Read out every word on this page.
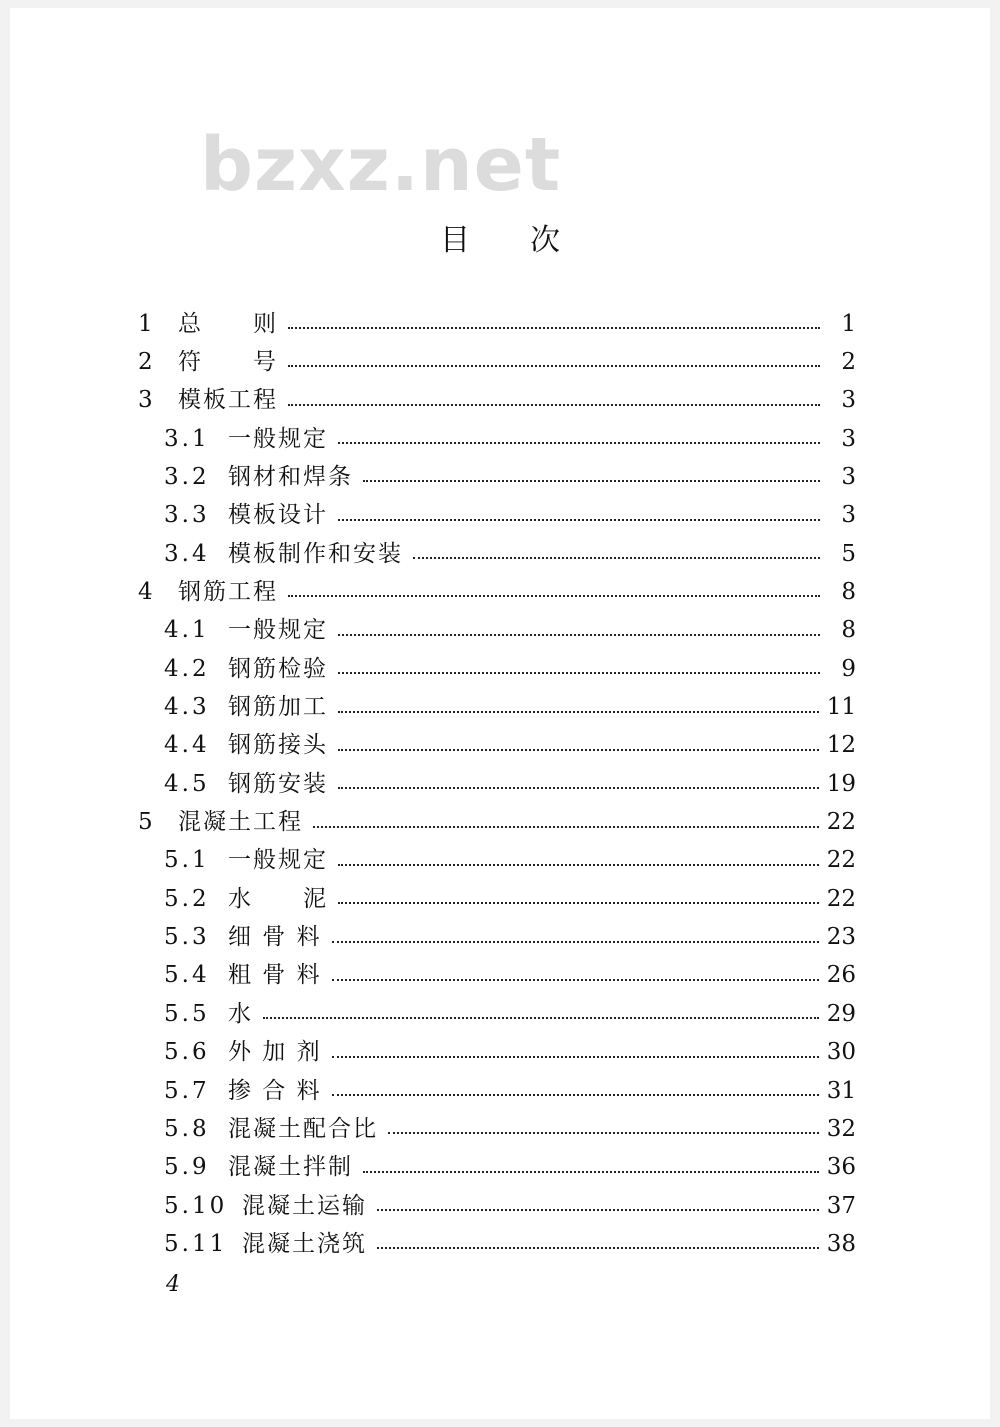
bzxz.net
目次
1 总　　则	1
2 符　　号	2
3 模板工程	3
3.1 一般规定	3
3.2 钢材和焊条	3
3.3 模板设计	3
3.4 模板制作和安装	5
4 钢筋工程	8
4.1 一般规定	8
4.2 钢筋检验	9
4.3 钢筋加工	11
4.4 钢筋接头	12
4.5 钢筋安装	19
5 混凝土工程	22
5.1 一般规定	22
5.2 水　　泥	22
5.3 细 骨 料	23
5.4 粗 骨 料	26
5.5 水	29
5.6 外 加 剂	30
5.7 掺 合 料	31
5.8 混凝土配合比	32
5.9 混凝土拌制	36
5.10 混凝土运输	37
5.11 混凝土浇筑	38
4
